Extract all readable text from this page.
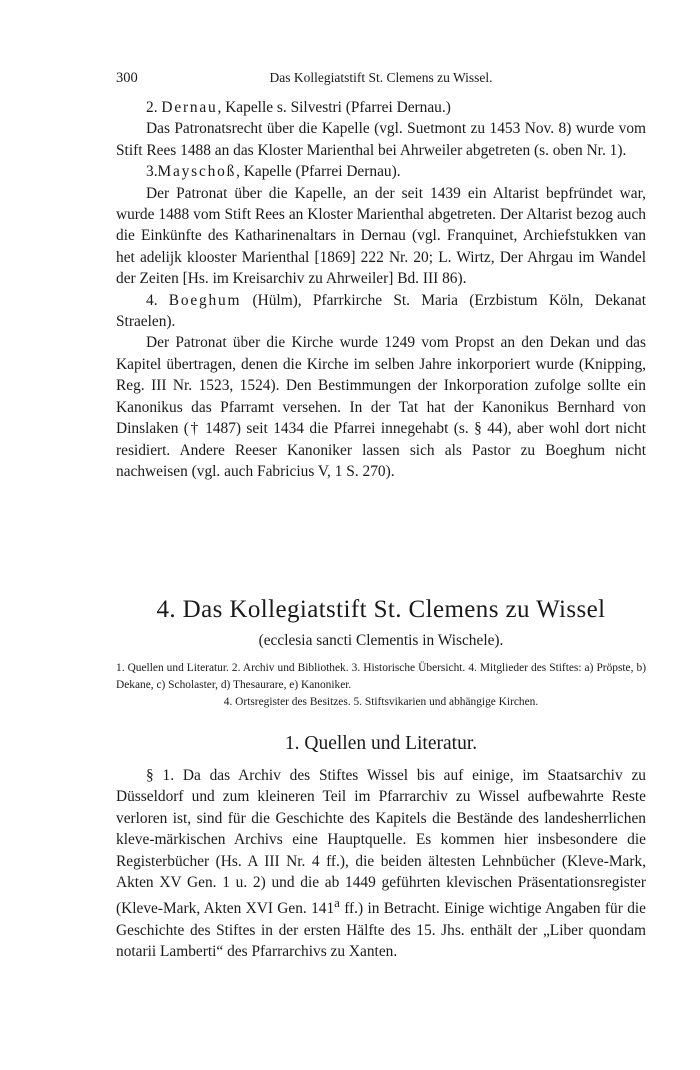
300	Das Kollegiatstift St. Clemens zu Wissel.

2. Dernau, Kapelle s. Silvestri (Pfarrei Dernau.)

Das Patronatsrecht über die Kapelle (vgl. Suetmont zu 1453 Nov. 8) wurde vom Stift Rees 1488 an das Kloster Marienthal bei Ahrweiler abgetreten (s. oben Nr. 1).

3.Mayschoß, Kapelle (Pfarrei Dernau).

Der Patronat über die Kapelle, an der seit 1439 ein Altarist bepfründet war, wurde 1488 vom Stift Rees an Kloster Marienthal abgetreten. Der Altarist bezog auch die Einkünfte des Katharinenaltars in Dernau (vgl. Franquinet, Archiefstukken van het adelijk klooster Marienthal [1869] 222 Nr. 20; L. Wirtz, Der Ahrgau im Wandel der Zeiten [Hs. im Kreisarchiv zu Ahrweiler] Bd. III 86).

4. Boeghum (Hülm), Pfarrkirche St. Maria (Erzbistum Köln, Dekanat Straelen).

Der Patronat über die Kirche wurde 1249 vom Propst an den Dekan und das Kapitel übertragen, denen die Kirche im selben Jahre inkorporiert wurde (Knipping, Reg. III Nr. 1523, 1524). Den Bestimmungen der Inkorporation zufolge sollte ein Kanonikus das Pfarramt versehen. In der Tat hat der Kanonikus Bernhard von Dinslaken († 1487) seit 1434 die Pfarrei innegehabt (s. § 44), aber wohl dort nicht residiert. Andere Reeser Kanoniker lassen sich als Pastor zu Boeghum nicht nachweisen (vgl. auch Fabricius V, 1 S. 270).

4. Das Kollegiatstift St. Clemens zu Wissel
(ecclesia sancti Clementis in Wischele).

1. Quellen und Literatur. 2. Archiv und Bibliothek. 3. Historische Übersicht. 4. Mitglieder des Stiftes: a) Pröpste, b) Dekane, c) Scholaster, d) Thesaurare, e) Kanoniker.

4. Ortsregister des Besitzes. 5. Stiftsvikarien und abhängige Kirchen.

1. Quellen und Literatur.

§ 1. Da das Archiv des Stiftes Wissel bis auf einige, im Staatsarchiv zu Düsseldorf und zum kleineren Teil im Pfarrarchiv zu Wissel aufbewahrte Reste verloren ist, sind für die Geschichte des Kapitels die Bestände des landesherrlichen kleve-märkischen Archivs eine Hauptquelle. Es kommen hier insbesondere die Registerbücher (Hs. A III Nr. 4 ff.), die beiden ältesten Lehnbücher (Kleve-Mark, Akten XV Gen. 1 u. 2) und die ab 1449 geführten klevischen Präsentationsregister (Kleve-Mark, Akten XVI Gen. 141$^a$ ff.) in Betracht. Einige wichtige Angaben für die Geschichte des Stiftes in der ersten Hälfte des 15. Jhs. enthält der „Liber quondam notarii Lamberti“ des Pfarrarchivs zu Xanten.
